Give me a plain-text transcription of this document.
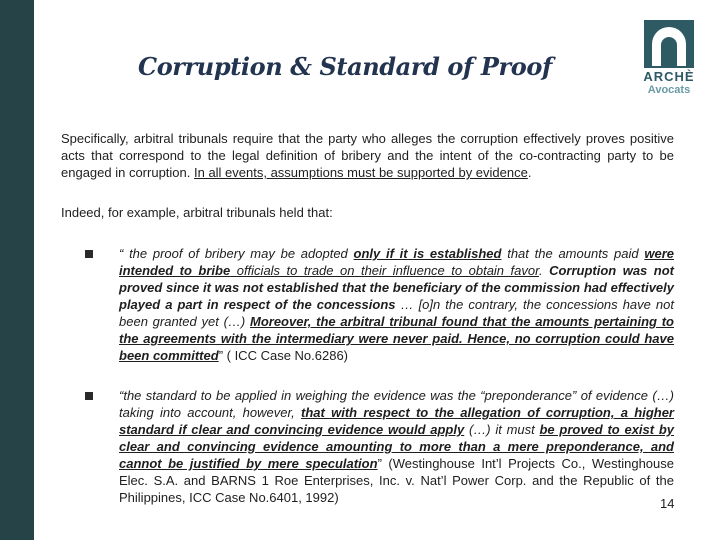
Corruption & Standard of Proof	ARCHÈ
Avocats
Specifically, arbitral tribunals require that the party who alleges the corruption effectively proves positive acts that correspond to the legal definition of bribery and the intent of the co-contracting party to be engaged in corruption. In all events, assumptions must be supported by evidence.
Indeed, for example, arbitral tribunals held that:
“ the proof of bribery may be adopted only if it is established that the amounts paid were intended to bribe officials to trade on their influence to obtain favor. Corruption was not proved since it was not established that the beneficiary of the commission had effectively played a part in respect of the concessions … [o]n the contrary, the concessions have not been granted yet (…) Moreover, the arbitral tribunal found that the amounts pertaining to the agreements with the intermediary were never paid. Hence, no corruption could have been committed” ( ICC Case No.6286)
“the standard to be applied in weighing the evidence was the “preponderance” of evidence (…) taking into account, however, that with respect to the allegation of corruption, a higher standard if clear and convincing evidence would apply (…) it must be proved to exist by clear and convincing evidence amounting to more than a mere preponderance, and cannot be justified by mere speculation” (Westinghouse Int’l Projects Co., Westinghouse Elec. S.A. and BARNS 1 Roe Enterprises, Inc. v. Nat’l Power Corp. and the Republic of the Philippines, ICC Case No.6401, 1992)	14
